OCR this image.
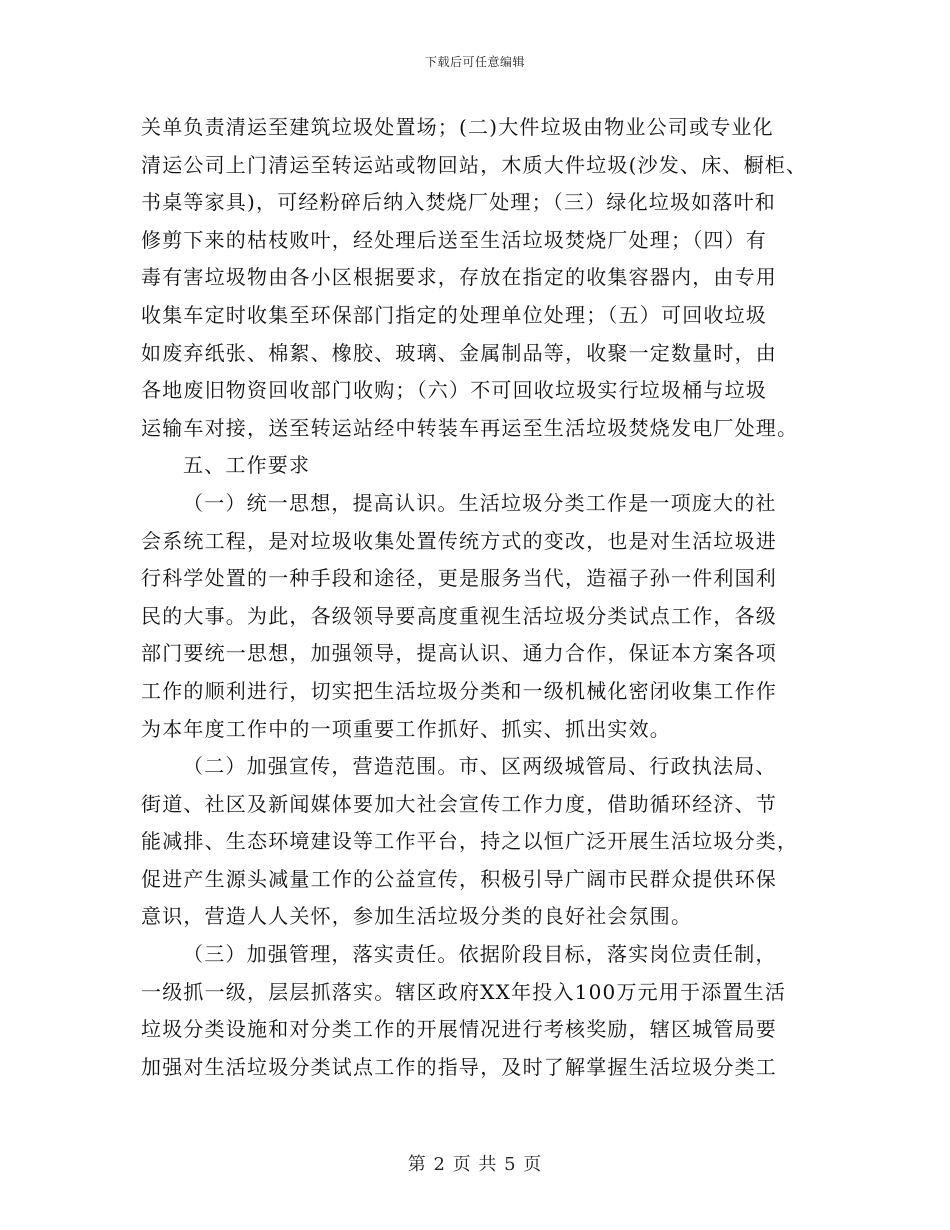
下载后可任意编辑
关单负责清运至建筑垃圾处置场；(二)大件垃圾由物业公司或专业化
清运公司上门清运至转运站或物回站，木质大件垃圾(沙发、床、橱柜、
书桌等家具)，可经粉碎后纳入焚烧厂处理；（三）绿化垃圾如落叶和
修剪下来的枯枝败叶，经处理后送至生活垃圾焚烧厂处理；（四）有
毒有害垃圾物由各小区根据要求，存放在指定的收集容器内，由专用
收集车定时收集至环保部门指定的处理单位处理；（五）可回收垃圾
如废弃纸张、棉絮、橡胶、玻璃、金属制品等，收聚一定数量时，由
各地废旧物资回收部门收购；（六）不可回收垃圾实行垃圾桶与垃圾
运输车对接，送至转运站经中转装车再运至生活垃圾焚烧发电厂处理。
五、工作要求
（一）统一思想，提高认识。生活垃圾分类工作是一项庞大的社
会系统工程，是对垃圾收集处置传统方式的变改，也是对生活垃圾进
行科学处置的一种手段和途径，更是服务当代，造福子孙一件利国利
民的大事。为此，各级领导要高度重视生活垃圾分类试点工作，各级
部门要统一思想，加强领导，提高认识、通力合作，保证本方案各项
工作的顺利进行，切实把生活垃圾分类和一级机械化密闭收集工作作
为本年度工作中的一项重要工作抓好、抓实、抓出实效。
（二）加强宣传，营造范围。市、区两级城管局、行政执法局、
街道、社区及新闻媒体要加大社会宣传工作力度，借助循环经济、节
能减排、生态环境建设等工作平台，持之以恒广泛开展生活垃圾分类，
促进产生源头减量工作的公益宣传，积极引导广阔市民群众提供环保
意识，营造人人关怀，参加生活垃圾分类的良好社会氛围。
（三）加强管理，落实责任。依据阶段目标，落实岗位责任制，
一级抓一级，层层抓落实。辖区政府XX年投入100万元用于添置生活
垃圾分类设施和对分类工作的开展情况进行考核奖励，辖区城管局要
加强对生活垃圾分类试点工作的指导，及时了解掌握生活垃圾分类工
第 2 页 共 5 页
